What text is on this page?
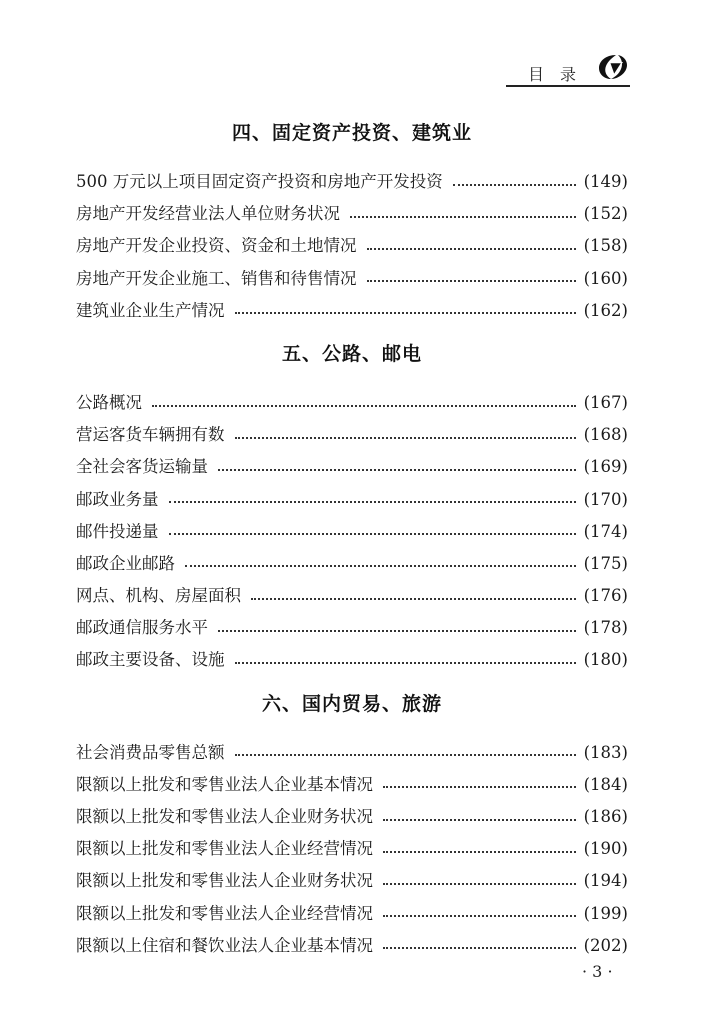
目录
四、固定资产投资、建筑业
500 万元以上项目固定资产投资和房地产开发投资	(149)
房地产开发经营业法人单位财务状况	(152)
房地产开发企业投资、资金和土地情况	(158)
房地产开发企业施工、销售和待售情况	(160)
建筑业企业生产情况	(162)
五、公路、邮电
公路概况	(167)
营运客货车辆拥有数	(168)
全社会客货运输量	(169)
邮政业务量	(170)
邮件投递量	(174)
邮政企业邮路	(175)
网点、机构、房屋面积	(176)
邮政通信服务水平	(178)
邮政主要设备、设施	(180)
六、国内贸易、旅游
社会消费品零售总额	(183)
限额以上批发和零售业法人企业基本情况	(184)
限额以上批发和零售业法人企业财务状况	(186)
限额以上批发和零售业法人企业经营情况	(190)
限额以上批发和零售业法人企业财务状况	(194)
限额以上批发和零售业法人企业经营情况	(199)
限额以上住宿和餐饮业法人企业基本情况	(202)
· 3 ·
